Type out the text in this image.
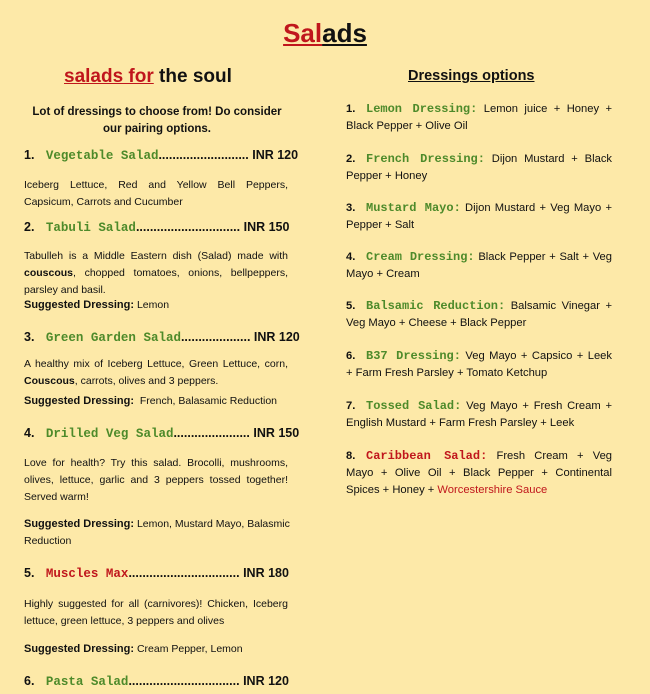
Salads
salads for the soul	Dressings options
Lot of dressings to choose from! Do consider our pairing options.
1. Vegetable Salad.......................... INR 120
Iceberg Lettuce, Red and Yellow Bell Peppers, Capsicum, Carrots and Cucumber
2. Tabuli Salad.............................. INR 150
Tabulleh is a Middle Eastern dish (Salad) made with couscous, chopped tomatoes, onions, bellpeppers, parsley and basil.
Suggested Dressing: Lemon
3. Green Garden Salad.................... INR 120
A healthy mix of Iceberg Lettuce, Green Lettuce, corn, Couscous, carrots, olives and 3 peppers.
Suggested Dressing: French, Balasamic Reduction
4. Drilled Veg Salad...................... INR 150
Love for health? Try this salad. Brocolli, mushrooms, olives, lettuce, garlic and 3 peppers tossed together! Served warm!
Suggested Dressing: Lemon, Mustard Mayo, Balasmic Reduction
5. Muscles Max................................ INR 180
Highly suggested for all (carnivores)! Chicken, Iceberg lettuce, green lettuce, 3 peppers and olives
Suggested Dressing: Cream Pepper, Lemon
6. Pasta Salad................................ INR 120
1. Lemon Dressing: Lemon juice + Honey + Black Pepper + Olive Oil
2. French Dressing: Dijon Mustard + Black Pepper + Honey
3. Mustard Mayo: Dijon Mustard + Veg Mayo + Pepper + Salt
4. Cream Dressing: Black Pepper + Salt + Veg Mayo + Cream
5. Balsamic Reduction: Balsamic Vinegar + Veg Mayo + Cheese + Black Pepper
6. B37 Dressing: Veg Mayo + Capsico + Leek + Farm Fresh Parsley + Tomato Ketchup
7. Tossed Salad: Veg Mayo + Fresh Cream + English Mustard + Farm Fresh Parsley + Leek
8. Caribbean Salad: Fresh Cream + Veg Mayo + Olive Oil + Black Pepper + Continental Spices + Honey + Worcestershire Sauce
